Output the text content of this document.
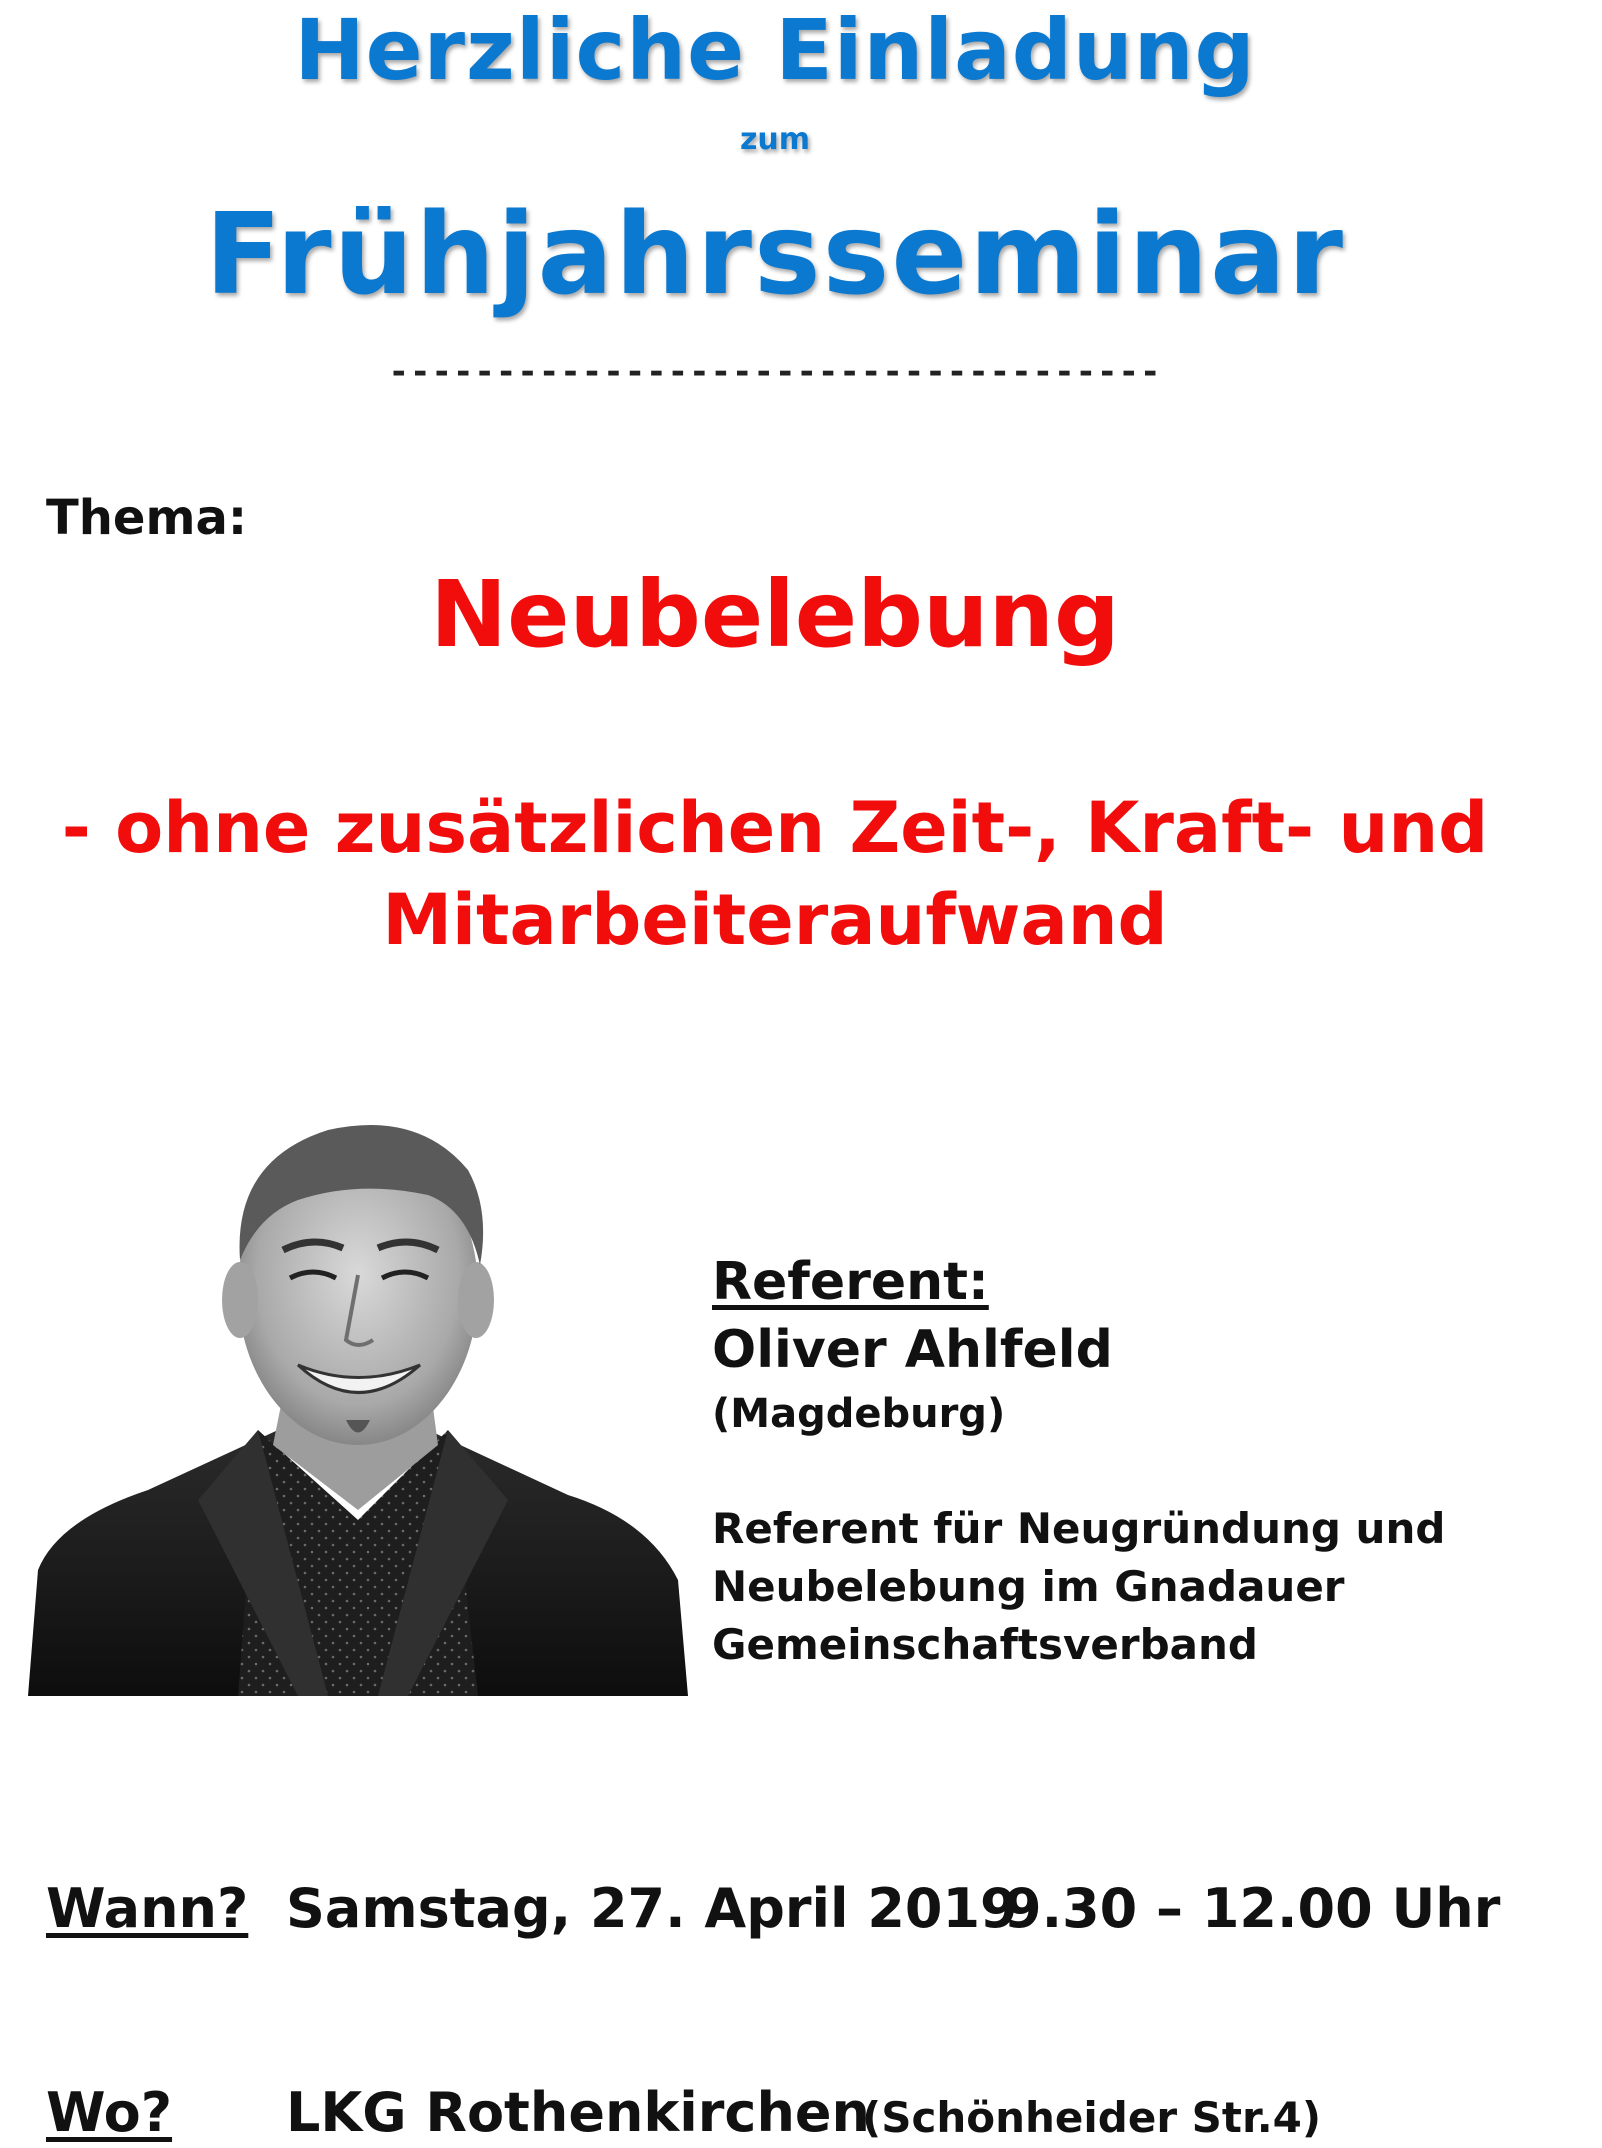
Herzliche Einladung
zum
Frühjahrsseminar
------------------------------------
Thema:
Neubelebung
- ohne zusätzlichen Zeit-, Kraft- und
Mitarbeiteraufwand
Referent:
Oliver Ahlfeld
(Magdeburg)
Referent für Neugründung und
Neubelebung im Gnadauer
Gemeinschaftsverband
Wann? Samstag, 27. April 2019
9.30 – 12.00 Uhr
Wo? LKG Rothenkirchen
(Schönheider Str.4)
